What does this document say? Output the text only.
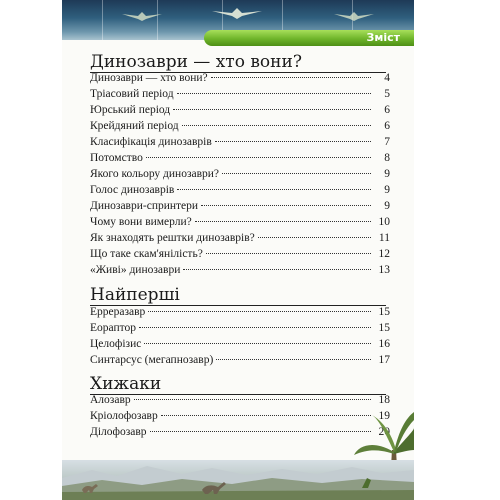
Зміст
Динозаври — хто вони?
Динозаври — хто вони?	4
Тріасовий період	5
Юрський період	6
Крейдяний період	6
Класифікація динозаврів	7
Потомство	8
Якого кольору динозаври?	9
Голос динозаврів	9
Динозаври-спринтери	9
Чому вони вимерли?	10
Як знаходять рештки динозаврів?	11
Що таке скам'янілість?	12
«Живі» динозаври	13
Найперші
Еррерaзавр	15
Еораптор	15
Целофізис	16
Синтарсус (мегапнозавр)	17
Хижаки
Алозавр	18
Кріолофозавр	19
Ділофозавр	20
